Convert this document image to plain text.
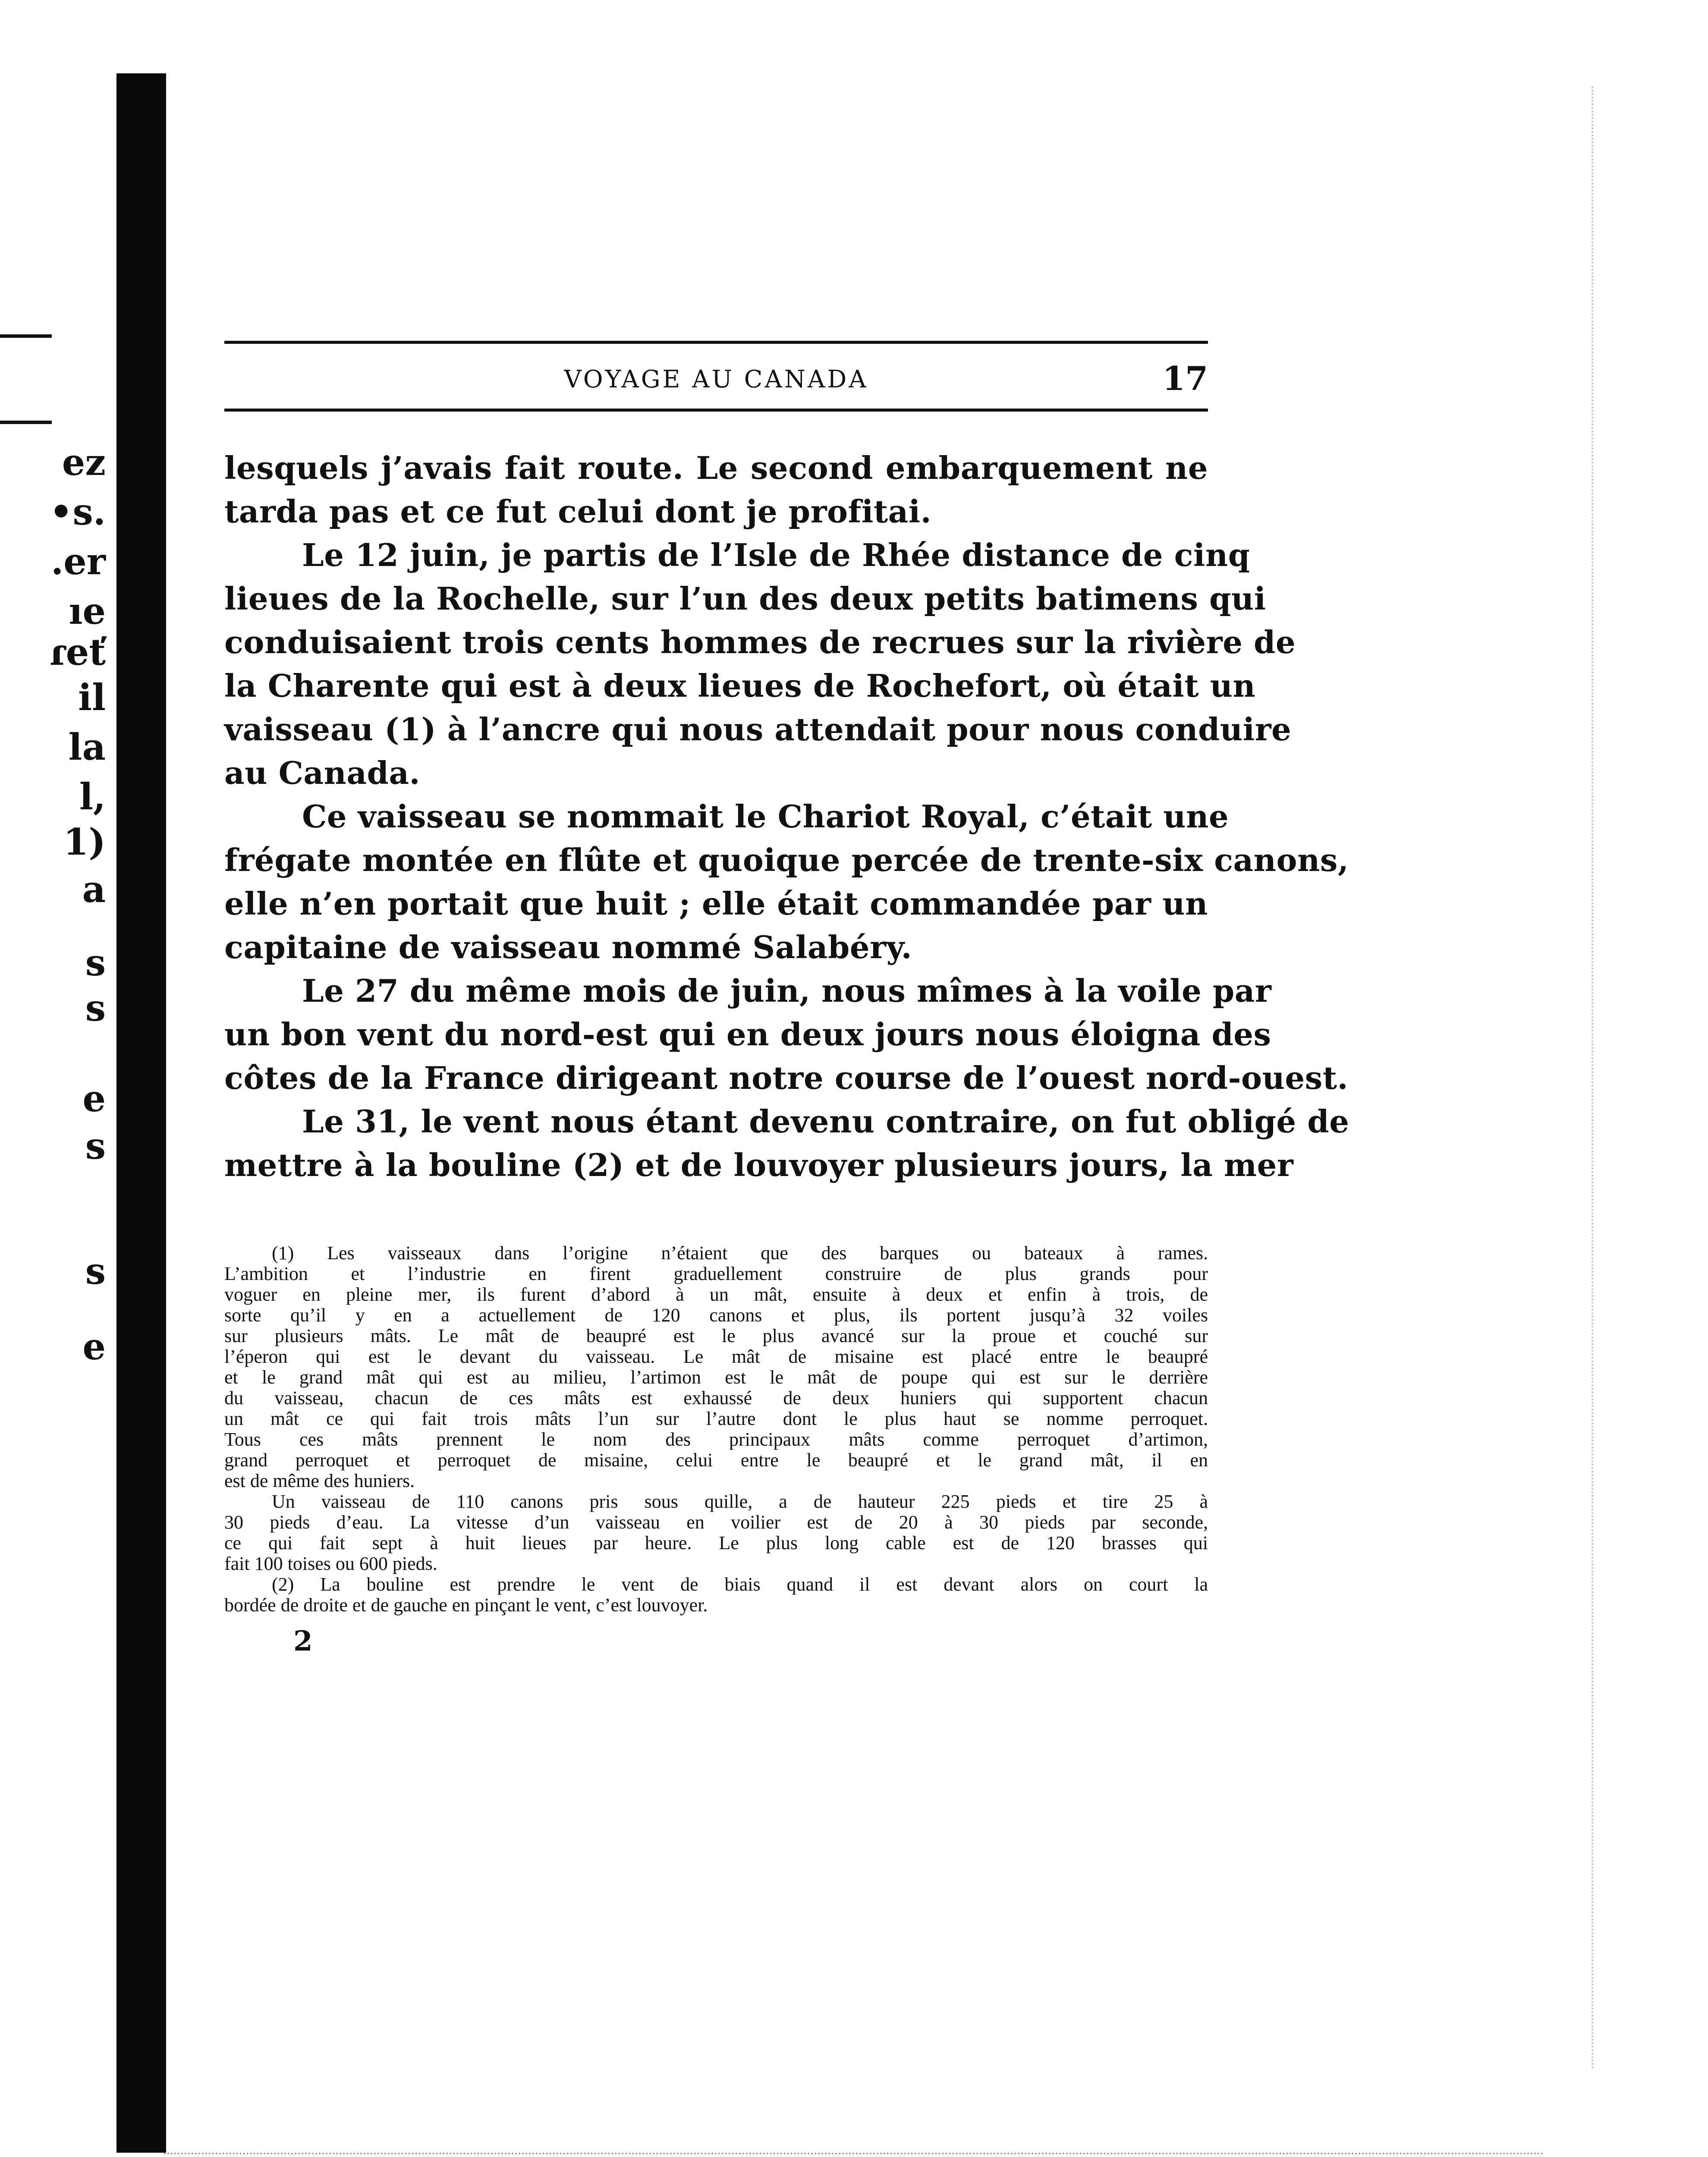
ez
•s.
.er
ıe
ɾeť
il
la
l,
1)
a
s
s
e
s
s
e
VOYAGE AU CANADA	17
lesquels j’avais fait route. Le second embarquement ne
tarda pas et ce fut celui dont je profitai.
Le 12 juin, je partis de l’Isle de Rhée distance de cinq
lieues de la Rochelle, sur l’un des deux petits batimens qui
conduisaient trois cents hommes de recrues sur la rivière de
la Charente qui est à deux lieues de Rochefort, où était un
vaisseau (1) à l’ancre qui nous attendait pour nous conduire
au Canada.
Ce vaisseau se nommait le Chariot Royal, c’était une
frégate montée en flûte et quoique percée de trente-six canons,
elle n’en portait que huit ; elle était commandée par un
capitaine de vaisseau nommé Salabéry.
Le 27 du même mois de juin, nous mîmes à la voile par
un bon vent du nord-est qui en deux jours nous éloigna des
côtes de la France dirigeant notre course de l’ouest nord-ouest.
Le 31, le vent nous étant devenu contraire, on fut obligé de
mettre à la bouline (2) et de louvoyer plusieurs jours, la mer
(1) Les vaisseaux dans l’origine n’étaient que des barques ou bateaux à rames.
L’ambition et l’industrie en firent graduellement construire de plus grands pour
voguer en pleine mer, ils furent d’abord à un mât, ensuite à deux et enfin à trois, de
sorte qu’il y en a actuellement de 120 canons et plus, ils portent jusqu’à 32 voiles
sur plusieurs mâts. Le mât de beaupré est le plus avancé sur la proue et couché sur
l’éperon qui est le devant du vaisseau. Le mât de misaine est placé entre le beaupré
et le grand mât qui est au milieu, l’artimon est le mât de poupe qui est sur le derrière
du vaisseau, chacun de ces mâts est exhaussé de deux huniers qui supportent chacun
un mât ce qui fait trois mâts l’un sur l’autre dont le plus haut se nomme perroquet.
Tous ces mâts prennent le nom des principaux mâts comme perroquet d’artimon,
grand perroquet et perroquet de misaine, celui entre le beaupré et le grand mât, il en
est de même des huniers.
Un vaisseau de 110 canons pris sous quille, a de hauteur 225 pieds et tire 25 à
30 pieds d’eau. La vitesse d’un vaisseau en voilier est de 20 à 30 pieds par seconde,
ce qui fait sept à huit lieues par heure. Le plus long cable est de 120 brasses qui
fait 100 toises ou 600 pieds.
(2) La bouline est prendre le vent de biais quand il est devant alors on court la
bordée de droite et de gauche en pinçant le vent, c’est louvoyer.
2
